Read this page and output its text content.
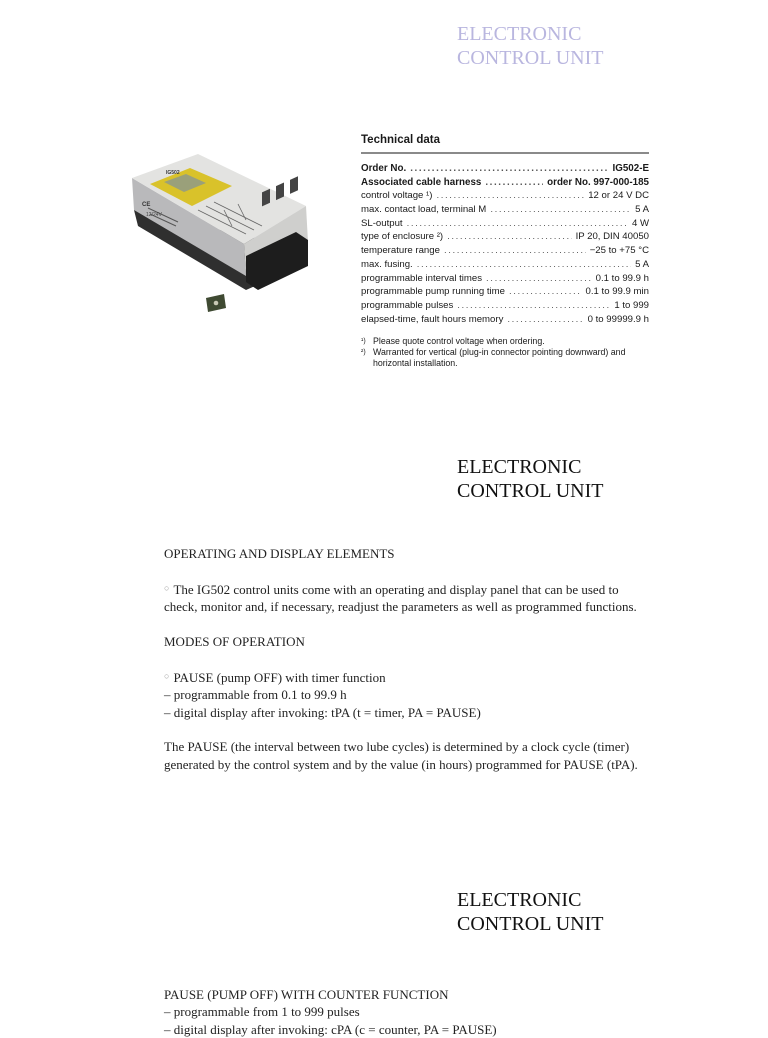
ELECTRONIC
CONTROL UNIT
IG502
CE
12/24V
Technical data
Order No. .....	IG502-E
Associated cable harness .....	order No. 997-000-185
control voltage ¹) .....	12 or 24 V DC
max. contact load, terminal M .....	5 A
SL-output .....	4 W
type of enclosure ²) .....	IP 20, DIN 40050
temperature range .....	−25 to +75 °C
max. fusing. .....	5 A
programmable interval times .....	0.1 to 99.9 h
programmable pump running time .....	0.1 to 99.9 min
programmable pulses .....	1 to 999
elapsed-time, fault hours memory .....	0 to 99999.9 h
¹) Please quote control voltage when ordering.
²) Warranted for vertical (plug-in connector pointing downward) and horizontal installation.
ELECTRONIC
CONTROL UNIT
OPERATING AND DISPLAY ELEMENTS
○ The IG502 control units come with an operating and display panel that can be used to check, monitor and, if necessary, readjust the parameters as well as programmed functions.
MODES OF OPERATION
○ PAUSE (pump OFF) with timer function
– programmable from 0.1 to 99.9 h
– digital display after invoking: tPA (t = timer, PA = PAUSE)
The PAUSE (the interval between two lube cycles) is determined by a clock cycle (timer) generated by the control system and by the value (in hours) programmed for PAUSE (tPA).
ELECTRONIC
CONTROL UNIT
PAUSE (PUMP OFF) WITH COUNTER FUNCTION
– programmable from 1 to 999 pulses
– digital display after invoking: cPA (c = counter, PA = PAUSE)
